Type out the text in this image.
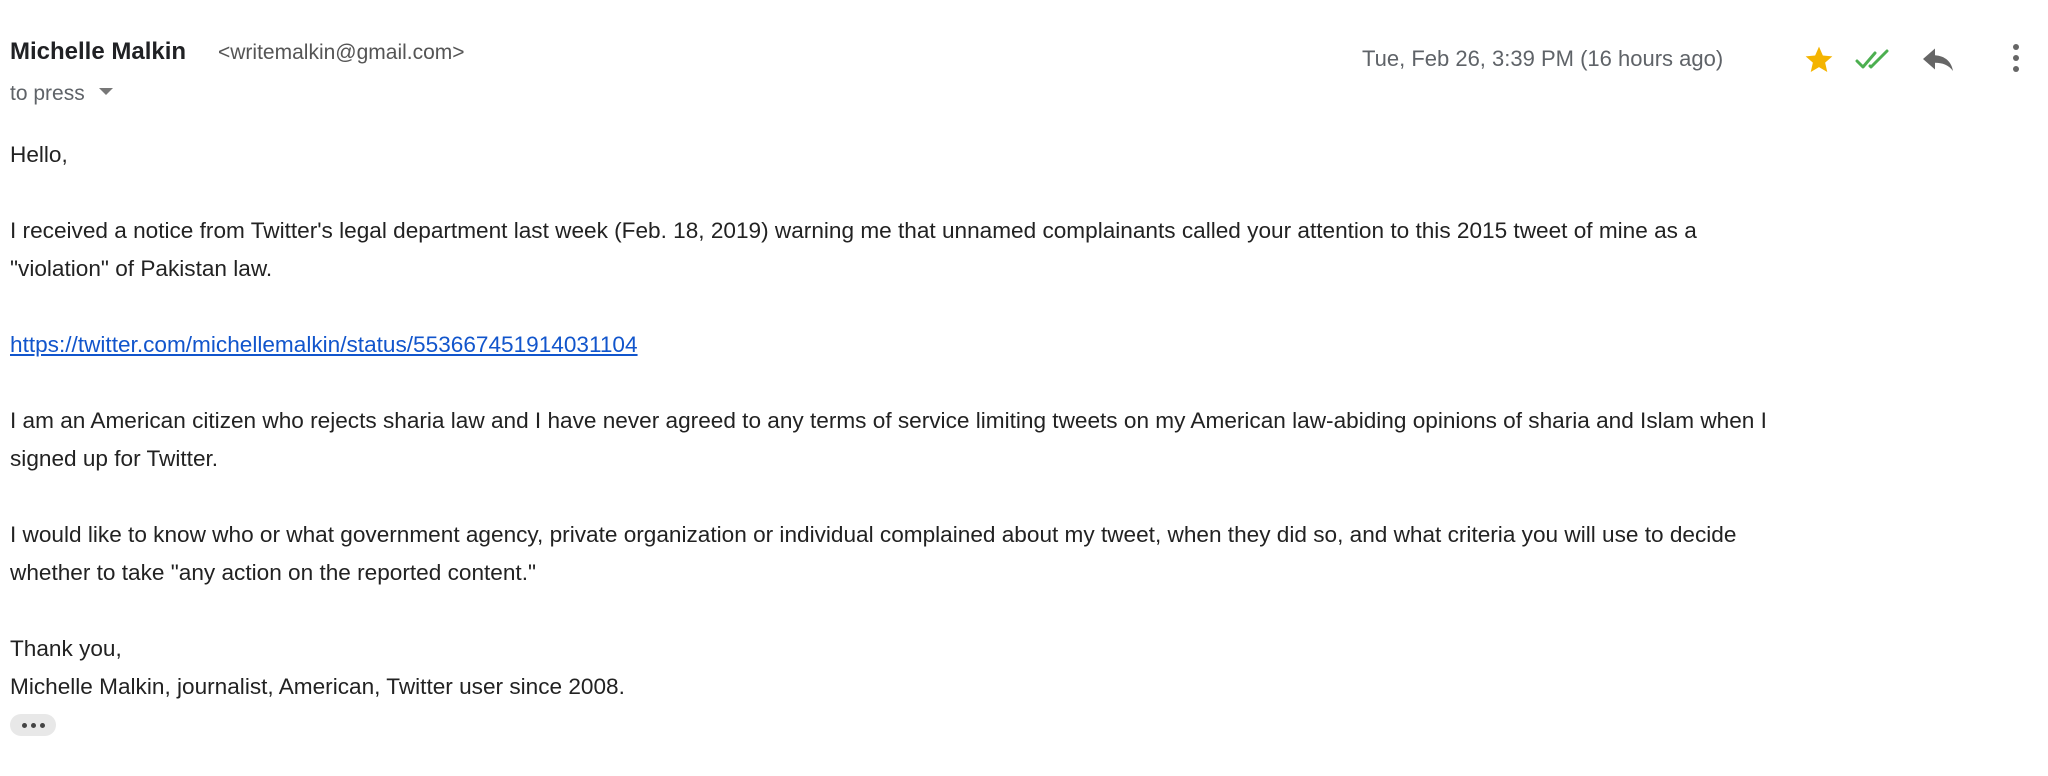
Michelle Malkin <writemalkin@gmail.com>
to press
Tue, Feb 26, 3:39 PM (16 hours ago)

Hello,

I received a notice from Twitter's legal department last week (Feb. 18, 2019) warning me that unnamed complainants called your attention to this 2015 tweet of mine as a

"violation" of Pakistan law.

https://twitter.com/michellemalkin/status/553667451914031104

I am an American citizen who rejects sharia law and I have never agreed to any terms of service limiting tweets on my American law-abiding opinions of sharia and Islam when I

signed up for Twitter.

I would like to know who or what government agency, private organization or individual complained about my tweet, when they did so, and what criteria you will use to decide

whether to take "any action on the reported content."

Thank you,

Michelle Malkin, journalist, American, Twitter user since 2008.
